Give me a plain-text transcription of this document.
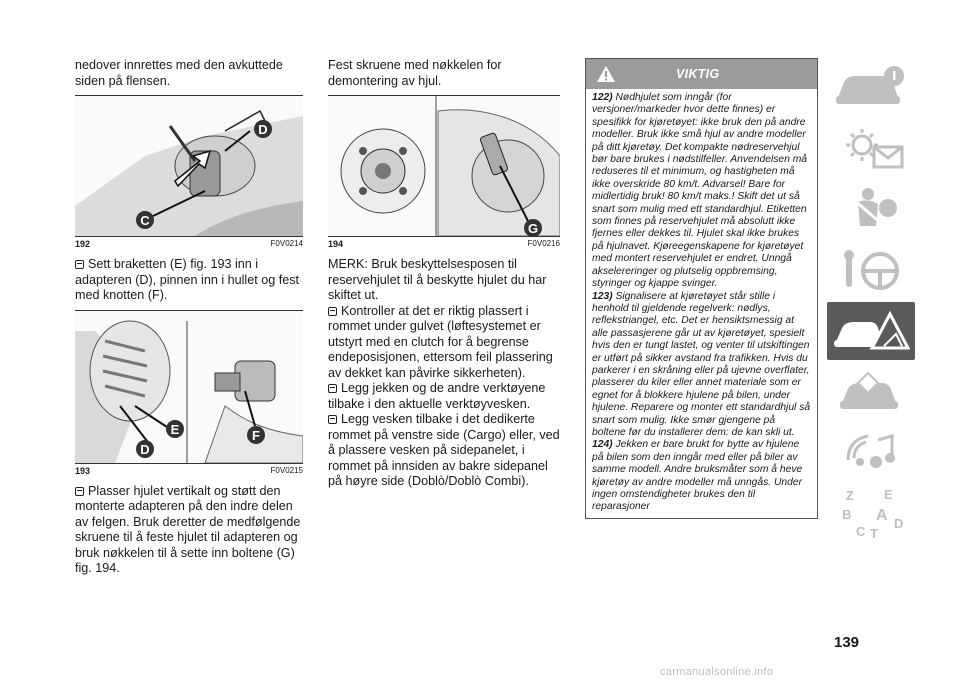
nedover innrettes med den avkuttede siden på flensen.

D
C
192	F0V0214

Sett braketten (E) fig. 193 inn i adapteren (D), pinnen inn i hullet og fest med knotten (F).

E
D
F
193	F0V0215

Plasser hjulet vertikalt og støtt den monterte adapteren på den indre delen av felgen. Bruk deretter de medfølgende skruene til å feste hjulet til adapteren og bruk nøkkelen til å sette inn boltene (G) fig. 194.

Fest skruene med nøkkelen for demontering av hjul.

G
194	F0V0216

MERK: Bruk beskyttelsesposen til reservehjulet til å beskytte hjulet du har skiftet ut.

Kontroller at det er riktig plassert i rommet under gulvet (løftesystemet er utstyrt med en clutch for å begrense endeposisjonen, ettersom feil plassering av dekket kan påvirke sikkerheten).

Legg jekken og de andre verktøyene tilbake i den aktuelle verktøyvesken.

Legg vesken tilbake i det dedikerte rommet på venstre side (Cargo) eller, ved å plassere vesken på sidepanelet, i rommet på innsiden av bakre sidepanel på høyre side (Doblò/Doblò Combi).

VIKTIG
122) Nødhjulet som inngår (for versjoner/markeder hvor dette finnes) er spesifikk for kjøretøyet: ikke bruk den på andre modeller. Bruk ikke små hjul av andre modeller på ditt kjøretøy. Det kompakte nødreservehjul bør bare brukes i nødstilfeller. Anvendelsen må reduseres til et minimum, og hastigheten må ikke overskride 80 km/t. Advarsel! Bare for midlertidig bruk! 80 km/t maks.! Skift det ut så snart som mulig med ett standardhjul. Etiketten som finnes på reservehjulet må absolutt ikke fjernes eller dekkes til. Hjulet skal ikke brukes på hjulnavet. Kjøreegenskapene for kjøretøyet med montert reservehjulet er endret. Unngå akselereringer og plutselig oppbremsing, styringer og kjappe svinger.
123) Signalisere at kjøretøyet står stille i henhold til gjeldende regelverk: nødlys, reflekstriangel, etc. Det er hensiktsmessig at alle passasjerene går ut av kjøretøyet, spesielt hvis den er tungt lastet, og venter til utskiftingen er utført på sikker avstand fra trafikken. Hvis du parkerer i en skråning eller på ujevne overflater, plasserer du kiler eller annet materiale som er egnet for å blokkere hjulene på bilen, under hjulene. Reparere og monter ett standardhjul så snart som mulig. Ikke smør gjengene på boltene før du installerer dem: de kan skli ut.
124) Jekken er bare brukt for bytte av hjulene på bilen som den inngår med eller på biler av samme modell. Andre bruksmåter som å heve kjøretøy av andre modeller må unngås. Under ingen omstendigheter brukes den til reparasjoner
Z E
B A
C T
D
139
carmanualsonline.info
